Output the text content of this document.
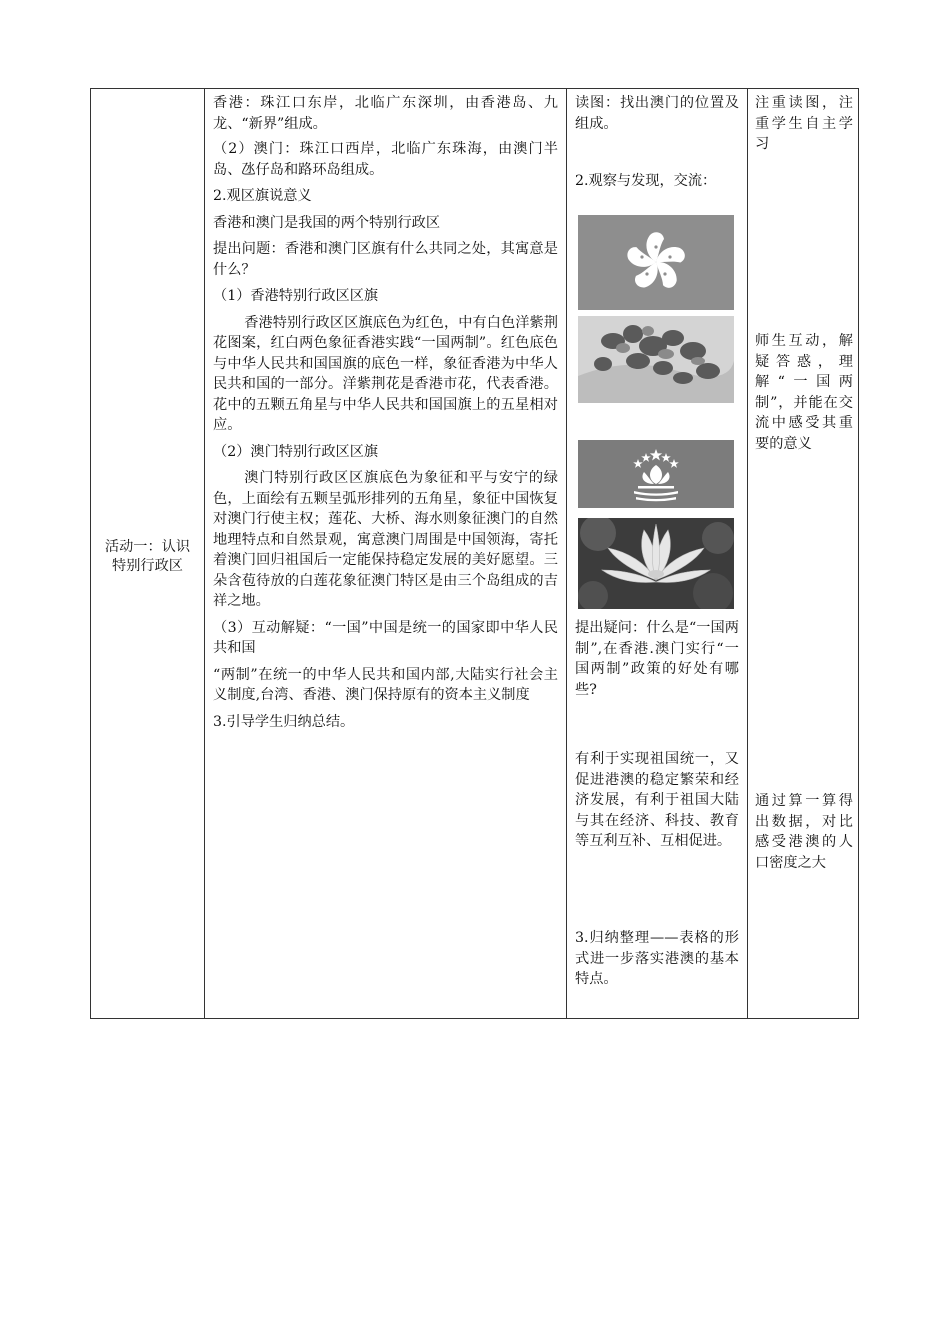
活动一：认识特别行政区

香港：珠江口东岸，北临广东深圳，由香港岛、九龙、“新界”组成。

（2）澳门：珠江口西岸，北临广东珠海，由澳门半岛、氹仔岛和路环岛组成。

2.观区旗说意义

香港和澳门是我国的两个特别行政区

提出问题：香港和澳门区旗有什么共同之处，其寓意是什么？

（1）香港特别行政区区旗

香港特别行政区区旗底色为红色，中有白色洋紫荆花图案，红白两色象征香港实践“一国两制”。红色底色与中华人民共和国国旗的底色一样，象征香港为中华人民共和国的一部分。洋紫荆花是香港市花，代表香港。花中的五颗五角星与中华人民共和国国旗上的五星相对应。

（2）澳门特别行政区区旗

澳门特别行政区区旗底色为象征和平与安宁的绿色，上面绘有五颗呈弧形排列的五角星，象征中国恢复对澳门行使主权；莲花、大桥、海水则象征澳门的自然地理特点和自然景观，寓意澳门周围是中国领海，寄托着澳门回归祖国后一定能保持稳定发展的美好愿望。三朵含苞待放的白莲花象征澳门特区是由三个岛组成的吉祥之地。

（3）互动解疑：“一国”中国是统一的国家即中华人民共和国

“两制”在统一的中华人民共和国内部,大陆实行社会主义制度,台湾、香港、澳门保持原有的资本主义制度

3.引导学生归纳总结。

读图：找出澳门的位置及组成。

2.观察与发现，交流：

提出疑问：什么是“一国两制”,在香港.澳门实行“一国两制”政策的好处有哪些?

有利于实现祖国统一，又促进港澳的稳定繁荣和经济发展，有利于祖国大陆与其在经济、科技、教育等互利互补、互相促进。

3.归纳整理——表格的形式进一步落实港澳的基本特点。

注重读图，注重学生自主学习

师生互动，解疑答惑，理解“一国两制”，并能在交流中感受其重要的意义

通过算一算得出数据，对比感受港澳的人口密度之大
